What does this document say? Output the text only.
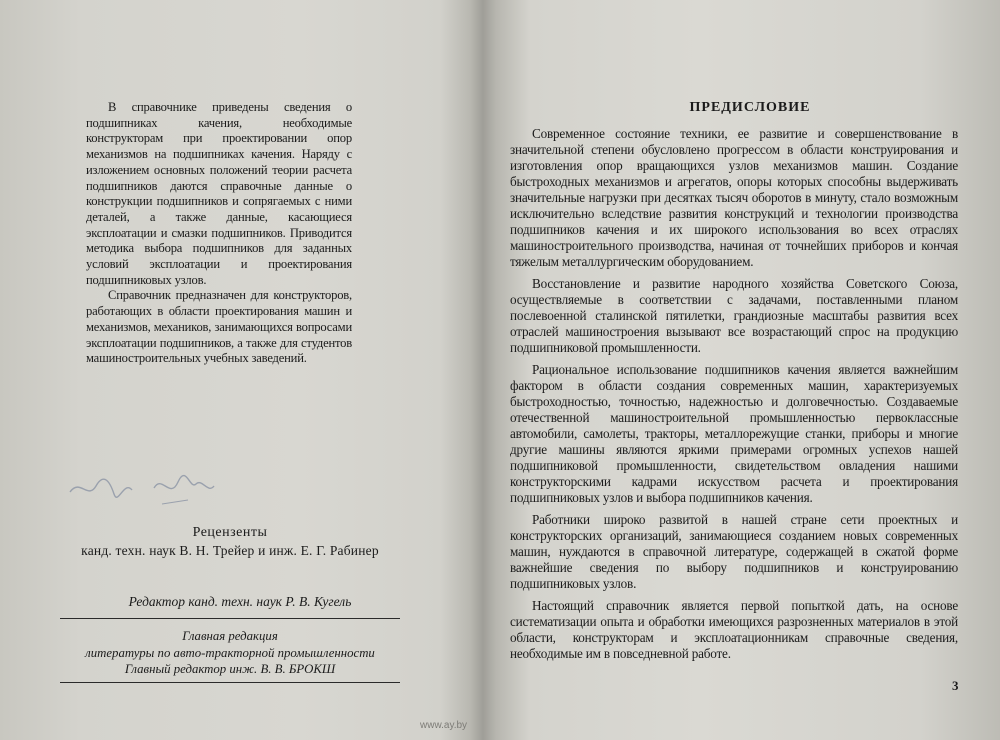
В справочнике приведены сведения о подшипниках качения, необходимые конструкторам при проектировании опор механизмов на подшипниках качения. Наряду с изложением основных положений теории расчета подшипников даются справочные данные о конструкции подшипников и сопрягаемых с ними деталей, а также данные, касающиеся эксплоатации и смазки подшипников. Приводится методика выбора подшипников для заданных условий эксплоатации и проектирования подшипниковых узлов.

Справочник предназначен для конструкторов, работающих в области проектирования машин и механизмов, механиков, занимающихся вопросами эксплоатации подшипников, а также для студентов машиностроительных учебных заведений.

Рецензенты
канд. техн. наук В. Н. Трейер и инж. Е. Г. Рабинер
Редактор канд. техн. наук Р. В. Кугель
Главная редакция
литературы по авто-тракторной промышленности
Главный редактор инж. В. В. БРОКШ
ПРЕДИСЛОВИЕ

Современное состояние техники, ее развитие и совершенствование в значительной степени обусловлено прогрессом в области конструирования и изготовления опор вращающихся узлов механизмов машин. Создание быстроходных механизмов и агрегатов, опоры которых способны выдерживать значительные нагрузки при десятках тысяч оборотов в минуту, стало возможным исключительно вследствие развития конструкций и технологии производства подшипников качения и их широкого использования во всех отраслях машиностроительного производства, начиная от точнейших приборов и кончая тяжелым металлургическим оборудованием.

Восстановление и развитие народного хозяйства Советского Союза, осуществляемые в соответствии с задачами, поставленными планом послевоенной сталинской пятилетки, грандиозные масштабы развития всех отраслей машиностроения вызывают все возрастающий спрос на продукцию подшипниковой промышленности.

Рациональное использование подшипников качения является важнейшим фактором в области создания современных машин, характеризуемых быстроходностью, точностью, надежностью и долговечностью. Создаваемые отечественной машиностроительной промышленностью первоклассные автомобили, самолеты, тракторы, металлорежущие станки, приборы и многие другие машины являются яркими примерами огромных успехов нашей подшипниковой промышленности, свидетельством овладения нашими конструкторскими кадрами искусством расчета и проектирования подшипниковых узлов и выбора подшипников качения.

Работники широко развитой в нашей стране сети проектных и конструкторских организаций, занимающиеся созданием новых современных машин, нуждаются в справочной литературе, содержащей в сжатой форме важнейшие сведения по выбору подшипников и конструированию подшипниковых узлов.

Настоящий справочник является первой попыткой дать, на основе систематизации опыта и обработки имеющихся разрозненных материалов в этой области, конструкторам и эксплоатационникам справочные сведения, необходимые им в повседневной работе.

3
www.ay.by
